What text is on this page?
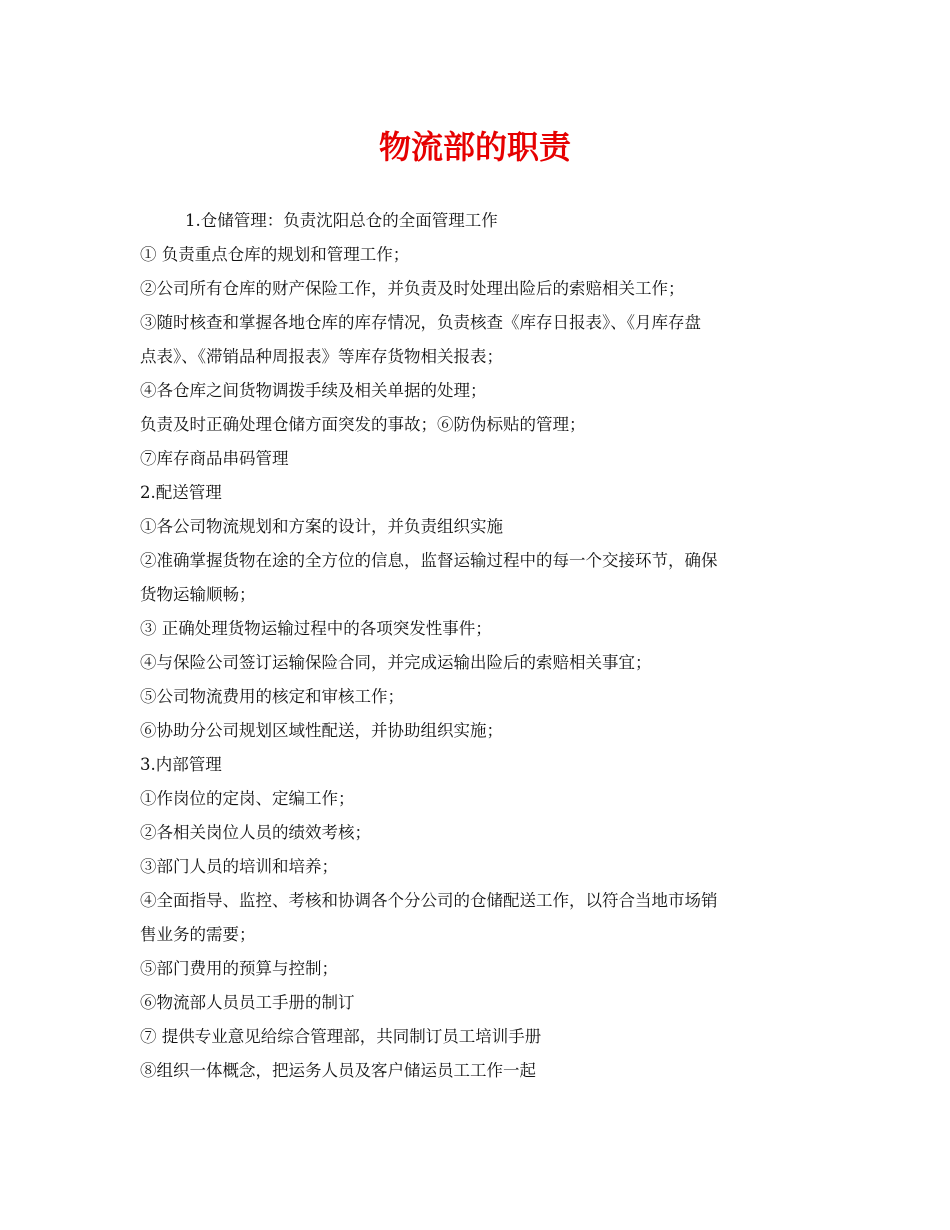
物流部的职责
1.仓储管理：负责沈阳总仓的全面管理工作
① 负责重点仓库的规划和管理工作；
②公司所有仓库的财产保险工作，并负责及时处理出险后的索赔相关工作；
③随时核查和掌握各地仓库的库存情况，负责核查《库存日报表》、《月库存盘
点表》、《滞销品种周报表》等库存货物相关报表；
④各仓库之间货物调拨手续及相关单据的处理；
负责及时正确处理仓储方面突发的事故；⑥防伪标贴的管理；
⑦库存商品串码管理
2.配送管理
①各公司物流规划和方案的设计，并负责组织实施
②准确掌握货物在途的全方位的信息，监督运输过程中的每一个交接环节，确保
货物运输顺畅；
③ 正确处理货物运输过程中的各项突发性事件；
④与保险公司签订运输保险合同，并完成运输出险后的索赔相关事宜；
⑤公司物流费用的核定和审核工作；
⑥协助分公司规划区域性配送，并协助组织实施；
3.内部管理
①作岗位的定岗、定编工作；
②各相关岗位人员的绩效考核；
③部门人员的培训和培养；
④全面指导、监控、考核和协调各个分公司的仓储配送工作，以符合当地市场销
售业务的需要；
⑤部门费用的预算与控制；
⑥物流部人员员工手册的制订
⑦ 提供专业意见给综合管理部，共同制订员工培训手册
⑧组织一体概念，把运务人员及客户储运员工工作一起
